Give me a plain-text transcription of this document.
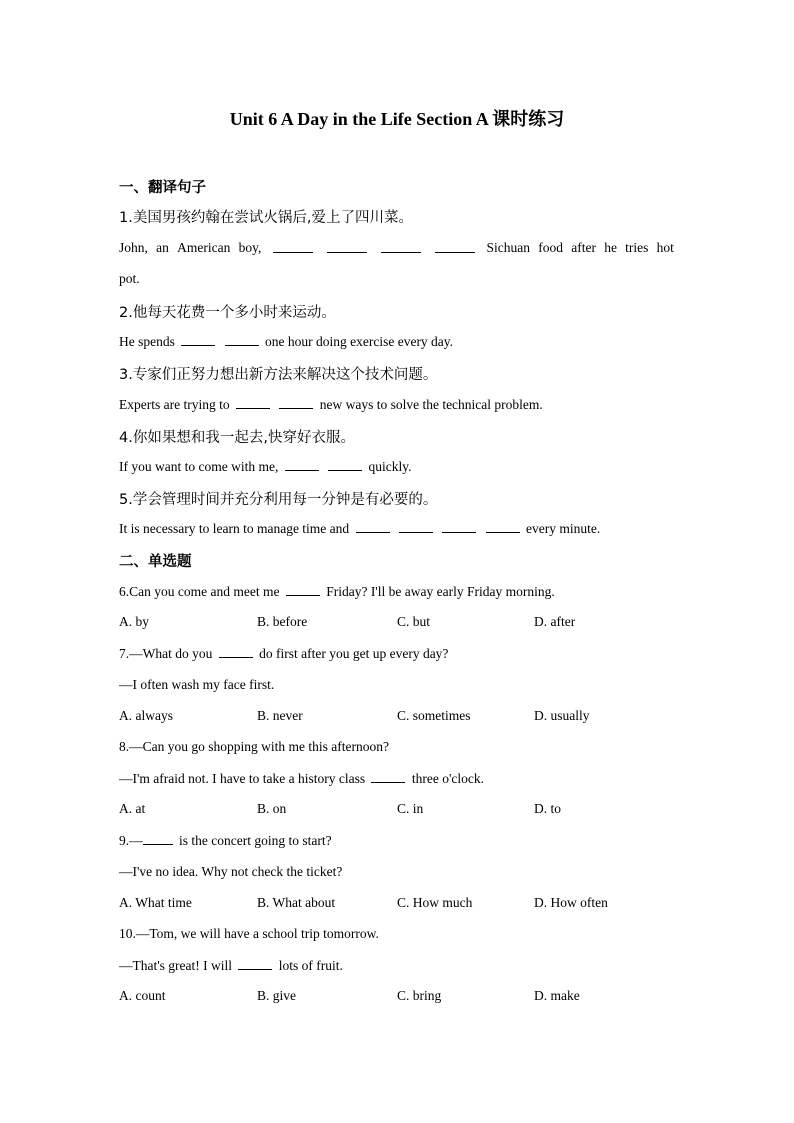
Unit 6 A Day in the Life Section A 课时练习
一、翻译句子
1.美国男孩约翰在尝试火锅后,爱上了四川菜。
John, an American boy,	Sichuan food after he tries hot
pot.
2.他每天花费一个多小时来运动。
He spends	one hour doing exercise every day.
3.专家们正努力想出新方法来解决这个技术问题。
Experts are trying to	new ways to solve the technical problem.
4.你如果想和我一起去,快穿好衣服。
If you want to come with me,	quickly.
5.学会管理时间并充分利用每一分钟是有必要的。
It is necessary to learn to manage time and	every minute.
二、单选题
6.Can you come and meet me	Friday? I'll be away early Friday morning.
A. by	B. before	C. but	D. after
7.—What do you	do first after you get up every day?
—I often wash my face first.
A. always	B. never	C. sometimes	D. usually
8.—Can you go shopping with me this afternoon?
—I'm afraid not. I have to take a history class	three o'clock.
A. at	B. on	C. in	D. to
9.—	is the concert going to start?
—I've no idea. Why not check the ticket?
A. What time	B. What about	C. How much	D. How often
10.—Tom, we will have a school trip tomorrow.
—That's great! I will	lots of fruit.
A. count	B. give	C. bring	D. make
